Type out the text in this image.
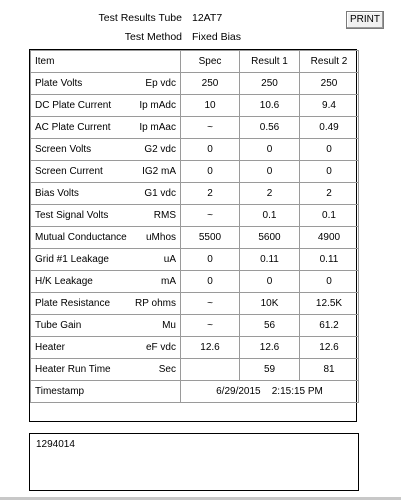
Test Results Tube 12AT7
Test Method Fixed Bias
PRINT
Item	Spec	Result 1	Result 2

Plate Volts Ep vdc	250	250	250

DC Plate Current Ip mAdc	10	10.6	9.4

AC Plate Current Ip mAac	~	0.56	0.49

Screen Volts G2 vdc	0	0	0

Screen Current IG2 mA	0	0	0

Bias Volts G1 vdc	2	2	2

Test Signal Volts RMS	~	0.1	0.1

Mutual Conductance uMhos	5500	5600	4900

Grid #1 Leakage uA	0	0.11	0.11

H/K Leakage mA	0	0	0

Plate Resistance RP ohms	~	10K	12.5K

Tube Gain Mu	~	56	61.2

Heater eF vdc	12.6	12.6	12.6

Heater Run Time Sec		59	81
Timestamp	6/29/2015 2:15:15 PM		
1294014
